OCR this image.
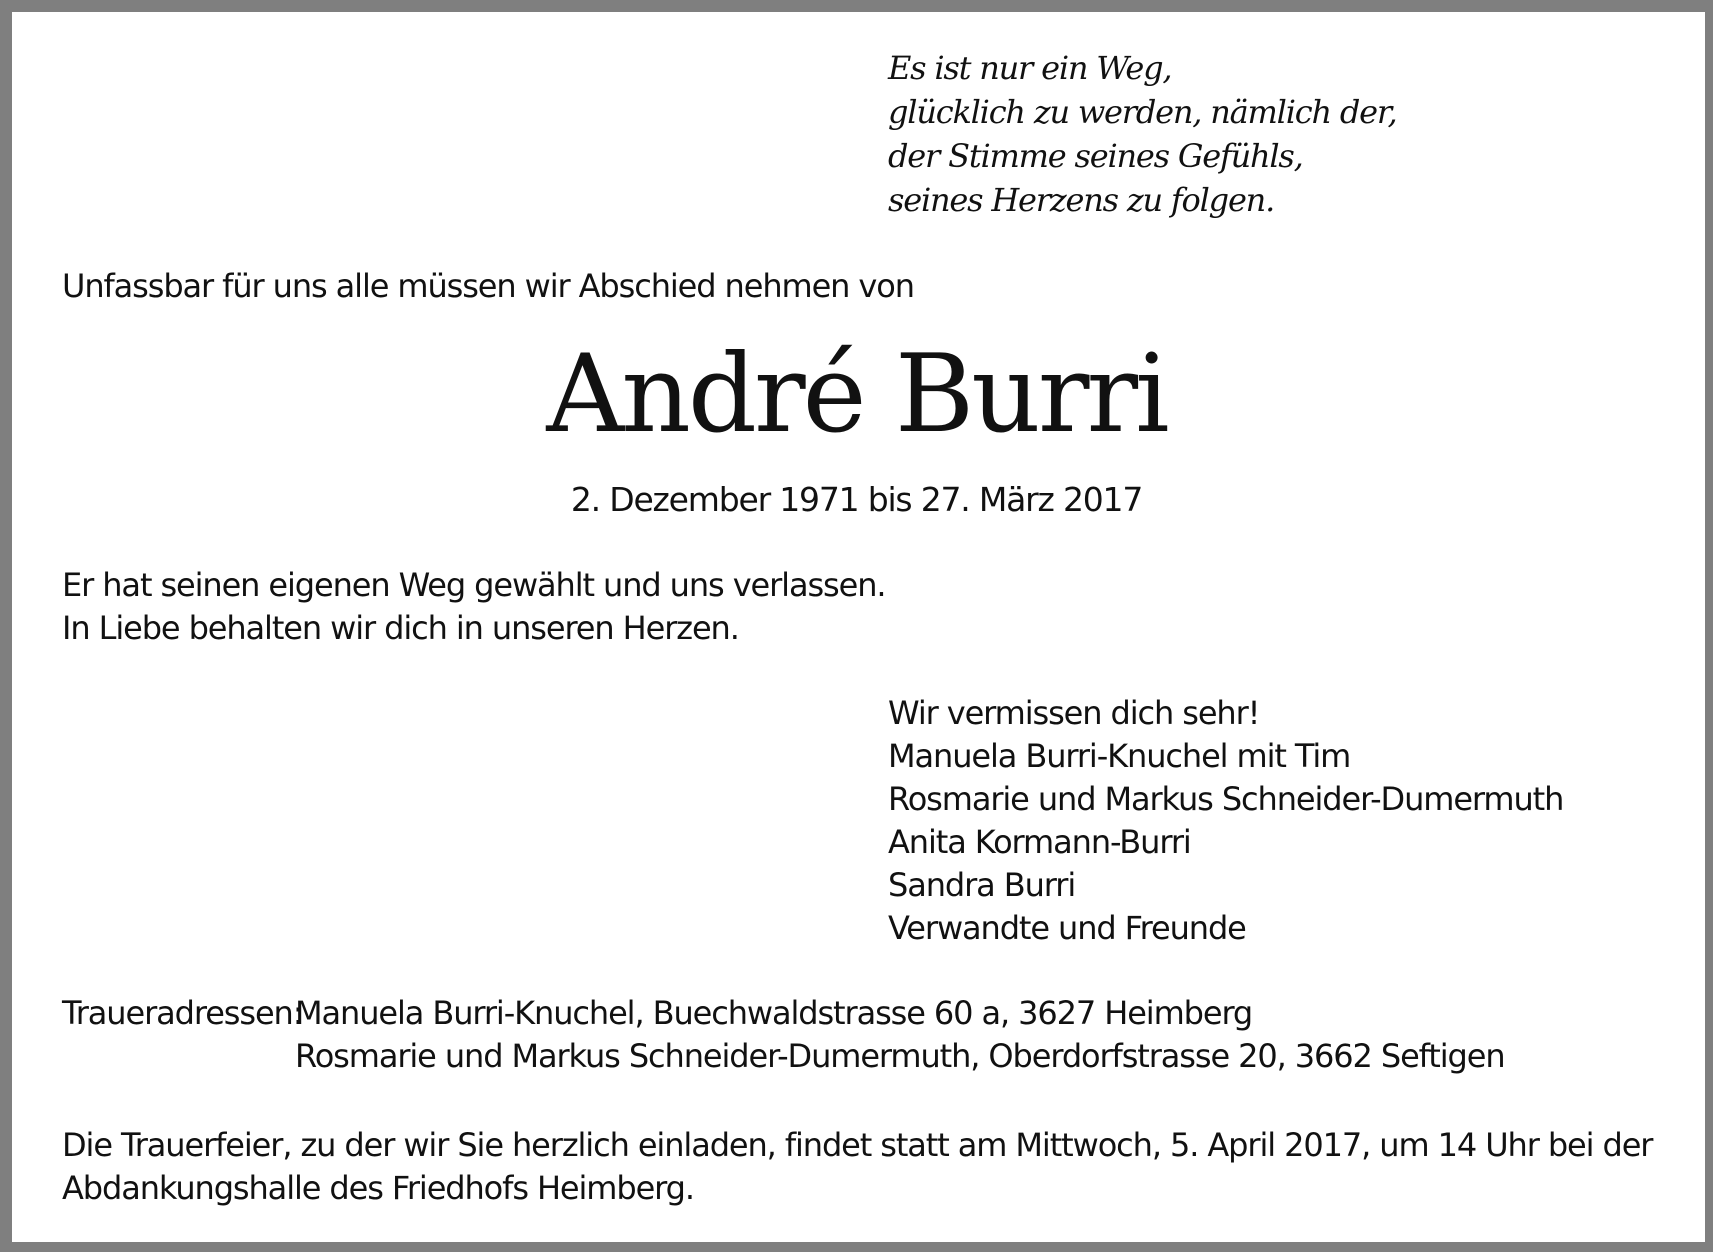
Es ist nur ein Weg,
glücklich zu werden, nämlich der,
der Stimme seines Gefühls,
seines Herzens zu folgen.

Unfassbar für uns alle müssen wir Abschied nehmen von

André Burri

2. Dezember 1971 bis 27. März 2017

Er hat seinen eigenen Weg gewählt und uns verlassen.
In Liebe behalten wir dich in unseren Herzen.
Wir vermissen dich sehr!
Manuela Burri-Knuchel mit Tim
Rosmarie und Markus Schneider-Dumermuth
Anita Kormann-Burri
Sandra Burri
Verwandte und Freunde
Traueradressen:
Manuela Burri-Knuchel, Buechwaldstrasse 60 a, 3627 Heimberg
Rosmarie und Markus Schneider-Dumermuth, Oberdorfstrasse 20, 3662 Seftigen
Die Trauerfeier, zu der wir Sie herzlich einladen, findet statt am Mittwoch, 5. April 2017, um 14 Uhr bei der
Abdankungshalle des Friedhofs Heimberg.
